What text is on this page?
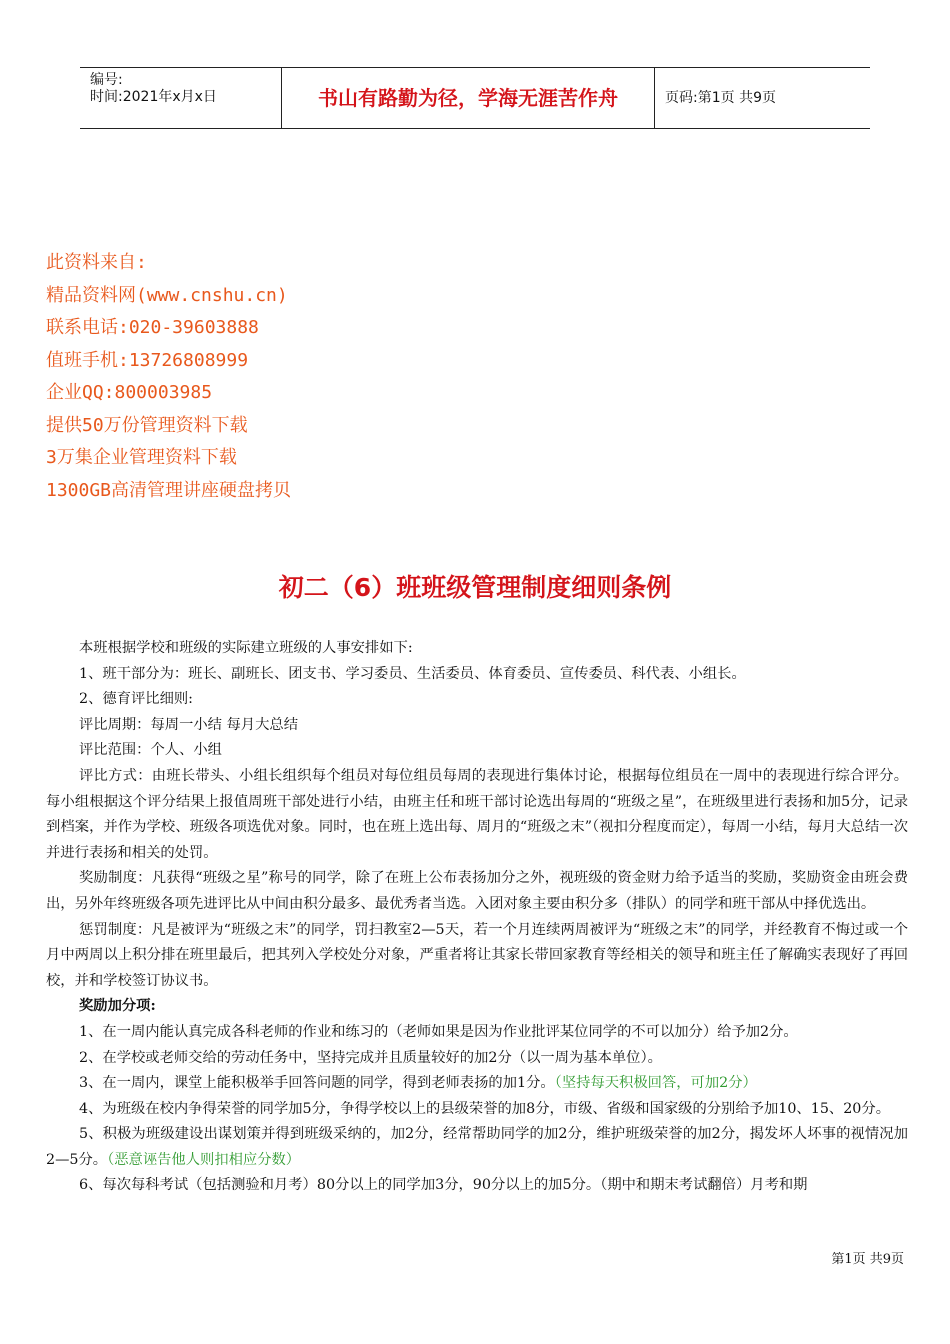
编号:
时间:2021年x月x日	书山有路勤为径，学海无涯苦作舟	页码:第1页 共9页
此资料来自:
精品资料网(www.cnshu.cn)
联系电话:020-39603888
值班手机:13726808999
企业QQ:800003985
提供50万份管理资料下载
3万集企业管理资料下载
1300GB高清管理讲座硬盘拷贝
初二（6）班班级管理制度细则条例

本班根据学校和班级的实际建立班级的人事安排如下:

1、班干部分为：班长、副班长、团支书、学习委员、生活委员、体育委员、宣传委员、科代表、小组长。

2、德育评比细则:

评比周期：每周一小结 每月大总结

评比范围：个人、小组

评比方式：由班长带头、小组长组织每个组员对每位组员每周的表现进行集体讨论，根据每位组员在一周中的表现进行综合评分。每小组根据这个评分结果上报值周班干部处进行小结，由班主任和班干部讨论选出每周的“班级之星”，在班级里进行表扬和加5分，记录到档案，并作为学校、班级各项选优对象。同时，也在班上选出每、周月的“班级之末”（视扣分程度而定），每周一小结，每月大总结一次并进行表扬和相关的处罚。

奖励制度：凡获得“班级之星”称号的同学，除了在班上公布表扬加分之外，视班级的资金财力给予适当的奖励，奖励资金由班会费出，另外年终班级各项先进评比从中间由积分最多、最优秀者当选。入团对象主要由积分多（排队）的同学和班干部从中择优选出。

惩罚制度：凡是被评为“班级之末”的同学，罚扫教室2—5天，若一个月连续两周被评为“班级之末”的同学，并经教育不悔过或一个月中两周以上积分排在班里最后，把其列入学校处分对象，严重者将让其家长带回家教育等经相关的领导和班主任了解确实表现好了再回校，并和学校签订协议书。

奖励加分项:

1、在一周内能认真完成各科老师的作业和练习的（老师如果是因为作业批评某位同学的不可以加分）给予加2分。

2、在学校或老师交给的劳动任务中，坚持完成并且质量较好的加2分（以一周为基本单位）。

3、在一周内，课堂上能积极举手回答问题的同学，得到老师表扬的加1分。（坚持每天积极回答，可加2分）

4、为班级在校内争得荣誉的同学加5分，争得学校以上的县级荣誉的加8分，市级、省级和国家级的分别给予加10、15、20分。

5、积极为班级建设出谋划策并得到班级采纳的，加2分，经常帮助同学的加2分，维护班级荣誉的加2分，揭发坏人坏事的视情况加2—5分。（恶意诬告他人则扣相应分数）

6、每次每科考试（包括测验和月考）80分以上的同学加3分，90分以上的加5分。（期中和期末考试翻倍）月考和期

第1页 共9页
